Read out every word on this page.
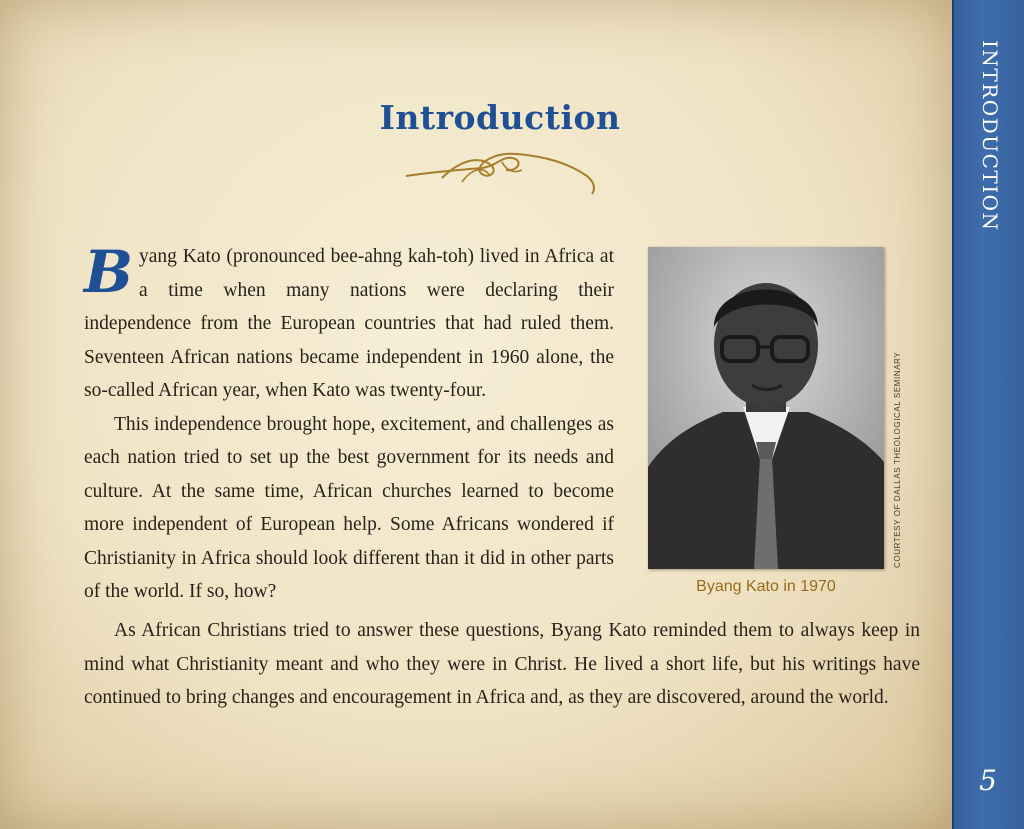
Introduction

Byang Kato (pronounced bee-ahng kah-toh) lived in Africa at a time when many nations were declaring their independence from the European countries that had ruled them. Seventeen African nations became independent in 1960 alone, the so-called African year, when Kato was twenty-four.

This independence brought hope, excitement, and challenges as each nation tried to set up the best government for its needs and culture. At the same time, African churches learned to become more independent of European help. Some Africans wondered if Christianity in Africa should look different than it did in other parts of the world. If so, how?

COURTESY OF DALLAS THEOLOGICAL SEMINARY
Byang Kato in 1970

As African Christians tried to answer these questions, Byang Kato reminded them to always keep in mind what Christianity meant and who they were in Christ. He lived a short life, but his writings have continued to bring changes and encouragement in Africa and, as they are discovered, around the world.

INTRODUCTION
5
